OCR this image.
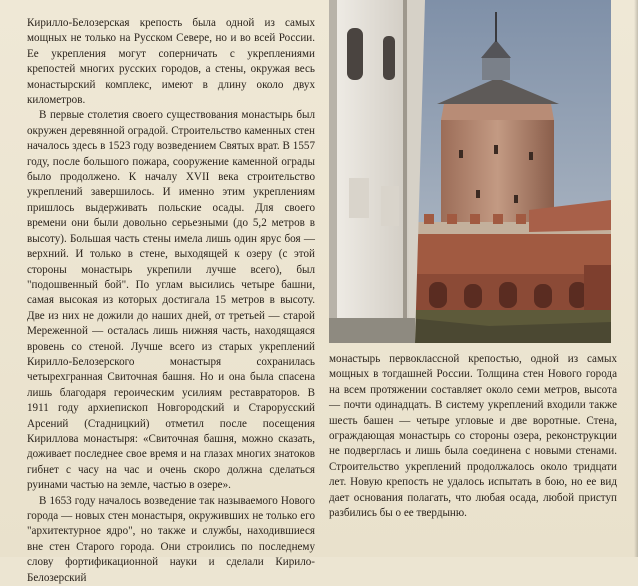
Кирилло-Белозерская крепость была одной из самых мощных не только на Русском Севере, но и во всей России. Ее укрепления могут соперничать с укреплениями крепостей многих русских городов, а стены, окружая весь монастырский комплекс, имеют в длину около двух километров.

В первые столетия своего существования монастырь был окружен деревянной оградой. Строительство каменных стен началось здесь в 1523 году возведением Святых врат. В 1557 году, после большого пожара, сооружение каменной ограды было продолжено. К началу XVII века строительство укреплений завершилось. И именно этим укреплениям пришлось выдерживать польские осады. Для своего времени они были довольно серьезными (до 5,2 метров в высоту). Большая часть стены имела лишь один ярус боя — верхний. И только в стене, выходящей к озеру (с этой стороны монастырь укрепили лучше всего), был "подошвенный бой". По углам высились четыре башни, самая высокая из которых достигала 15 метров в высоту. Две из них не дожили до наших дней, от третьей — старой Мереженной — осталась лишь нижняя часть, находящаяся вровень со стеной. Лучше всего из старых укреплений Кирилло-Белозерского монастыря сохранилась четырехгранная Свиточная башня. Но и она была спасена лишь благодаря героическим усилиям реставраторов. В 1911 году архиепископ Новгородский и Старорусский Арсений (Стадницкий) отметил после посещения Кириллова монастыря: «Свиточная башня, можно сказать, доживает последнее свое время и на глазах многих знатоков гибнет с часу на час и очень скоро должна сделаться руинами частью на земле, частью в озере».

В 1653 году началось возведение так называемого Нового города — новых стен монастыря, окруживших не только его "архитектурное ядро", но также и службы, находившиеся вне стен Старого города. Они строились по последнему слову фортификационной науки и сделали Кирило-Белозерский

монастырь первоклассной крепостью, одной из самых мощных в тогдашней России. Толщина стен Нового города на всем протяжении составляет около семи метров, высота — почти одинадцать. В систему укреплений входили также шесть башен — четыре угловые и две воротные. Стена, ограждающая монастырь со стороны озера, реконструкции не подверглась и лишь была соединена с новыми стенами. Строительство укреплений продолжалось около тридцати лет. Новую крепость не удалось испытать в бою, но ее вид дает основания полагать, что любая осада, любой приступ разбились бы о ее твердыню.
